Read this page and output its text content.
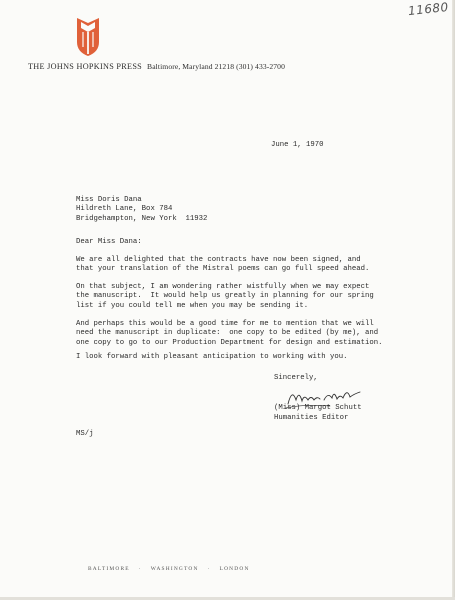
11680
THE JOHNS HOPKINS PRESS Baltimore, Maryland 21218 (301) 433-2700
June 1, 1970
Miss Doris Dana
Hildreth Lane, Box 784
Bridgehampton, New York  11932
Dear Miss Dana:
We are all delighted that the contracts have now been signed, and
that your translation of the Mistral poems can go full speed ahead.
On that subject, I am wondering rather wistfully when we may expect
the manuscript.  It would help us greatly in planning for our spring
list if you could tell me when you may be sending it.
And perhaps this would be a good time for me to mention that we will
need the manuscript in duplicate:  one copy to be edited (by me), and
one copy to go to our Production Department for design and estimation.
I look forward with pleasant anticipation to working with you.
Sincerely,
(Miss) Margot Schutt
Humanities Editor
MS/j
BALTIMORE · WASHINGTON · LONDON
